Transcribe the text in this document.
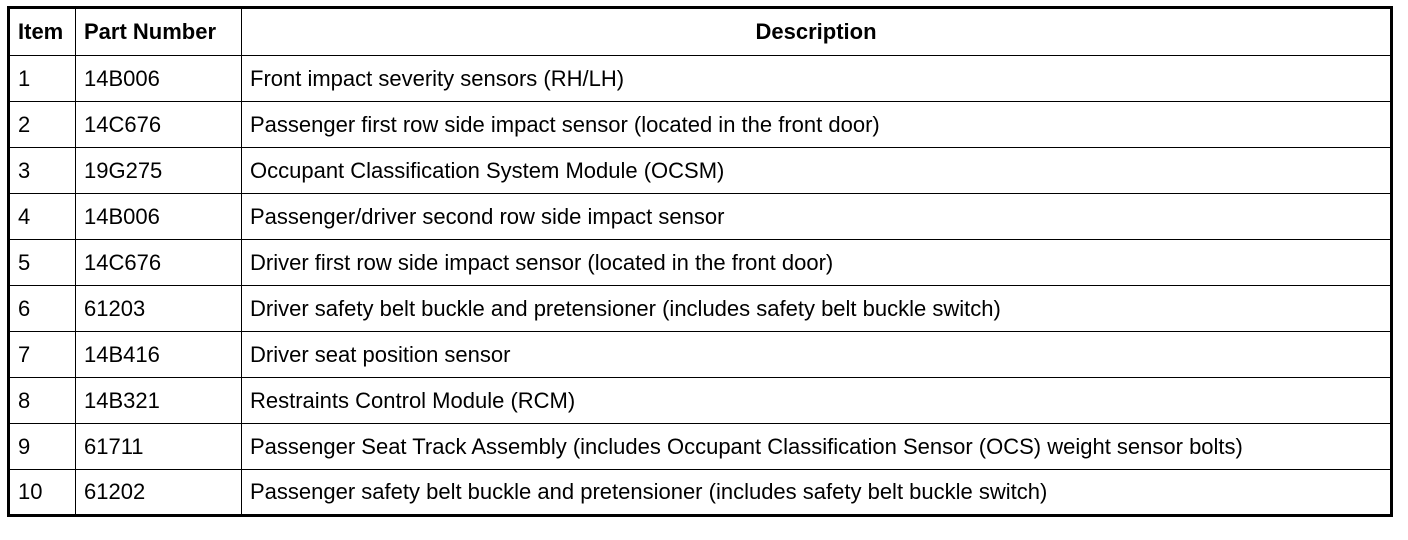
Item	Part Number	Description
1	14B006	Front impact severity sensors (RH/LH)
2	14C676	Passenger first row side impact sensor (located in the front door)
3	19G275	Occupant Classification System Module (OCSM)
4	14B006	Passenger/driver second row side impact sensor
5	14C676	Driver first row side impact sensor (located in the front door)
6	61203	Driver safety belt buckle and pretensioner (includes safety belt buckle switch)
7	14B416	Driver seat position sensor
8	14B321	Restraints Control Module (RCM)
9	61711	Passenger Seat Track Assembly (includes Occupant Classification Sensor (OCS) weight sensor bolts)
10	61202	Passenger safety belt buckle and pretensioner (includes safety belt buckle switch)
